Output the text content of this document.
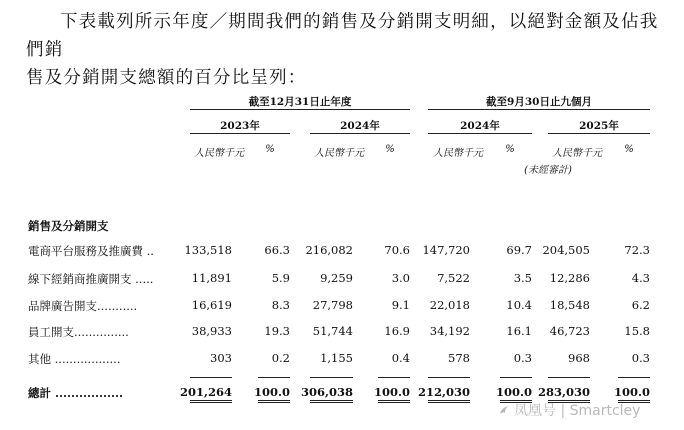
下表載列所示年度／期間我們的銷售及分銷開支明細，以絕對金額及佔我們銷
售及分銷開支總額的百分比呈列：
截至12月31日止年度	截至9月30日止九個月
2023年	2024年	2024年	2025年
人民幣千元	%	人民幣千元	%	人民幣千元	%	人民幣千元	%
(未經審計)
銷售及分銷開支
電商平台服務及推廣費 ..	133,518	66.3	216,082	70.6	147,720	69.7 204,505	72.3
線下經銷商推廣開支 .....	11,891	5.9	9,259	3.0	7,522	3.5	12,286	4.3
品牌廣告開支...........	16,619	8.3	27,798	9.1	22,018	10.4	18,548	6.2
員工開支...............	38,933	19.3	51,744	16.9	34,192	16.1	46,723	15.8
其他 ..................	303	0.2	1,155	0.4	578	0.3	968	0.3
總計 .................	201,264	100.0 306,038	100.0 212,030	100.0 283,030	100.0
凤凰号 | Smartcley
